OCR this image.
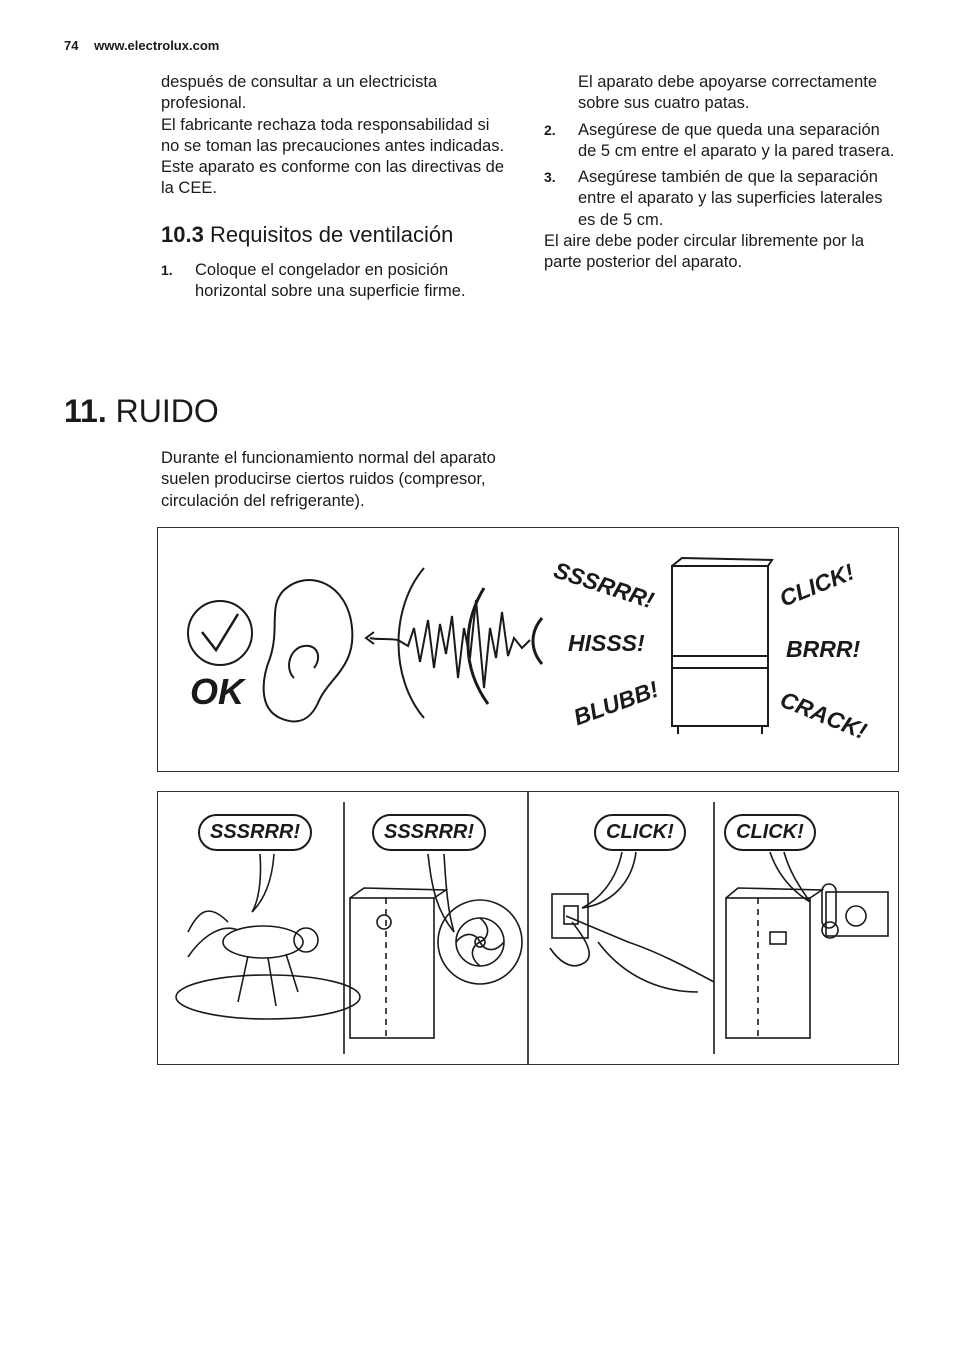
74 www.electrolux.com

después de consultar a un electricista profesional.

El fabricante rechaza toda responsabilidad si no se toman las precauciones antes indicadas.

Este aparato es conforme con las directivas de la CEE.

10.3 Requisitos de ventilación

1. Coloque el congelador en posición horizontal sobre una superficie firme.

El aparato debe apoyarse correctamente sobre sus cuatro patas.

2. Asegúrese de que queda una separación de 5 cm entre el aparato y la pared trasera.

3. Asegúrese también de que la separación entre el aparato y las superficies laterales es de 5 cm.

El aire debe poder circular libremente por la parte posterior del aparato.

11. RUIDO

Durante el funcionamiento normal del aparato suelen producirse ciertos ruidos (compresor, circulación del refrigerante).

OK
SSSRRR!
HISSS!
BLUBB!
CLICK!
BRRR!
CRACK!
SSSRRR!	SSSRRR!	CLICK!	CLICK!
